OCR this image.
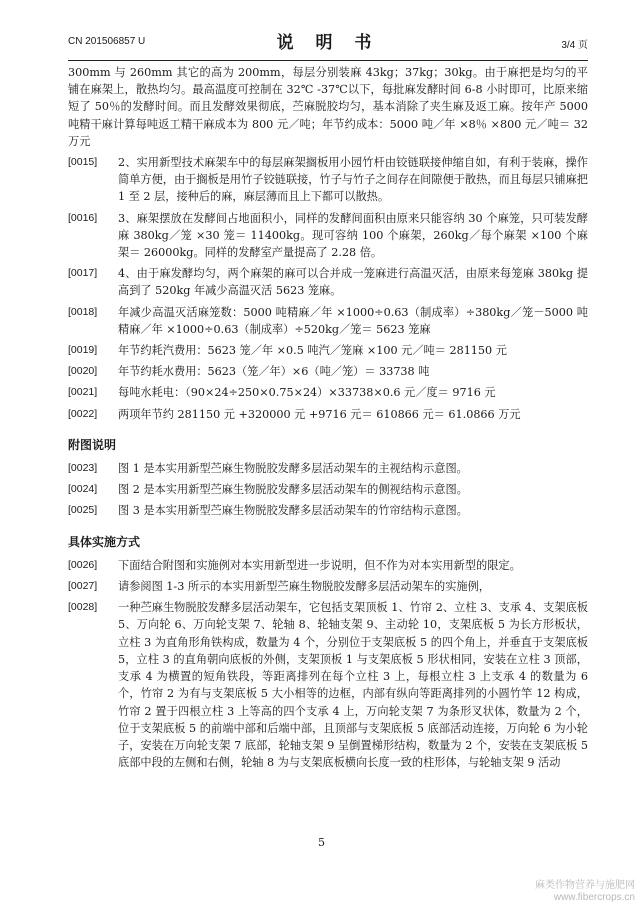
CN 201506857 U	说 明 书	3/4 页

300mm 与 260mm 其它的高为 200mm，每层分别装麻 43kg；37kg；30kg。由于麻把是均匀的平铺在麻架上，散热均匀。最高温度可控制在 32℃ -37℃以下，每批麻发酵时间 6-8 小时即可，比原来缩短了 50％的发酵时间。而且发酵效果彻底，苎麻脱胶均匀，基本消除了夹生麻及返工麻。按年产 5000 吨精干麻计算每吨返工精干麻成本为 800 元／吨；年节约成本：5000 吨／年 ×8％ ×800 元／吨＝ 32 万元

[0015]	2、实用新型技术麻架车中的每层麻架搁板用小园竹杆由铰链联接伸缩自如，有利于装麻，操作简单方便，由于搁板是用竹子铰链联接，竹子与竹子之间存在间隙便于散热，而且每层只铺麻把 1 至 2 层，接种后的麻，麻层薄而且上下都可以散热。
[0016]	3、麻架摆放在发酵间占地面积小，同样的发酵间面积由原来只能容纳 30 个麻笼，只可装发酵麻 380kg／笼 ×30 笼＝ 11400kg。现可容纳 100 个麻架，260kg／每个麻架 ×100 个麻架＝ 26000kg。同样的发酵室产量提高了 2.28 倍。
[0017]	4、由于麻发酵均匀，两个麻架的麻可以合并成一笼麻进行高温灭活，由原来每笼麻 380kg 提高到了 520kg 年减少高温灭活 5623 笼麻。
[0018]	年减少高温灭活麻笼数：5000 吨精麻／年 ×1000÷0.63（制成率）÷380kg／笼－5000 吨精麻／年 ×1000÷0.63（制成率）÷520kg／笼＝ 5623 笼麻
[0019]	年节约耗汽费用：5623 笼／年 ×0.5 吨汽／笼麻 ×100 元／吨＝ 281150 元
[0020]	年节约耗水费用：5623（笼／年）×6（吨／笼）＝ 33738 吨
[0021]	每吨水耗电：（90×24÷250×0.75×24）×33738×0.6 元／度＝ 9716 元
[0022]	两项年节约 281150 元 +320000 元 +9716 元＝ 610866 元＝ 61.0866 万元
附图说明
[0023]	图 1 是本实用新型苎麻生物脱胶发酵多层活动架车的主视结构示意图。
[0024]	图 2 是本实用新型苎麻生物脱胶发酵多层活动架车的侧视结构示意图。
[0025]	图 3 是本实用新型苎麻生物脱胶发酵多层活动架车的竹帘结构示意图。
具体实施方式
[0026]	下面结合附图和实施例对本实用新型进一步说明，但不作为对本实用新型的限定。
[0027]	请参阅图 1-3 所示的本实用新型苎麻生物脱胶发酵多层活动架车的实施例，
[0028]	一种苎麻生物脱胶发酵多层活动架车，它包括支架顶板 1、竹帘 2、立柱 3、支承 4、支架底板 5、万向轮 6、万向轮支架 7、轮轴 8、轮轴支架 9、主动轮 10，支架底板 5 为长方形板状，立柱 3 为直角形角铁构成，数量为 4 个，分别位于支架底板 5 的四个角上，并垂直于支架底板 5，立柱 3 的直角朝向底板的外侧，支架顶板 1 与支架底板 5 形状相同，安装在立柱 3 顶部，支承 4 为横置的短角铁段，等距离排列在每个立柱 3 上，每根立柱 3 上支承 4 的数量为 6 个，竹帘 2 为有与支架底板 5 大小相等的边框，内部有纵向等距离排列的小圆竹竿 12 构成，竹帘 2 置于四根立柱 3 上等高的四个支承 4 上，万向轮支架 7 为条形叉状体，数量为 2 个，位于支架底板 5 的前端中部和后端中部，且顶部与支架底板 5 底部活动连接，万向轮 6 为小轮子，安装在万向轮支架 7 底部，轮轴支架 9 呈倒置梯形结构，数量为 2 个，安装在支架底板 5 底部中段的左侧和右侧，轮轴 8 为与支架底板横向长度一致的柱形体，与轮轴支架 9 活动
5
麻类作物营养与施肥网
www.fibercrops.cn
